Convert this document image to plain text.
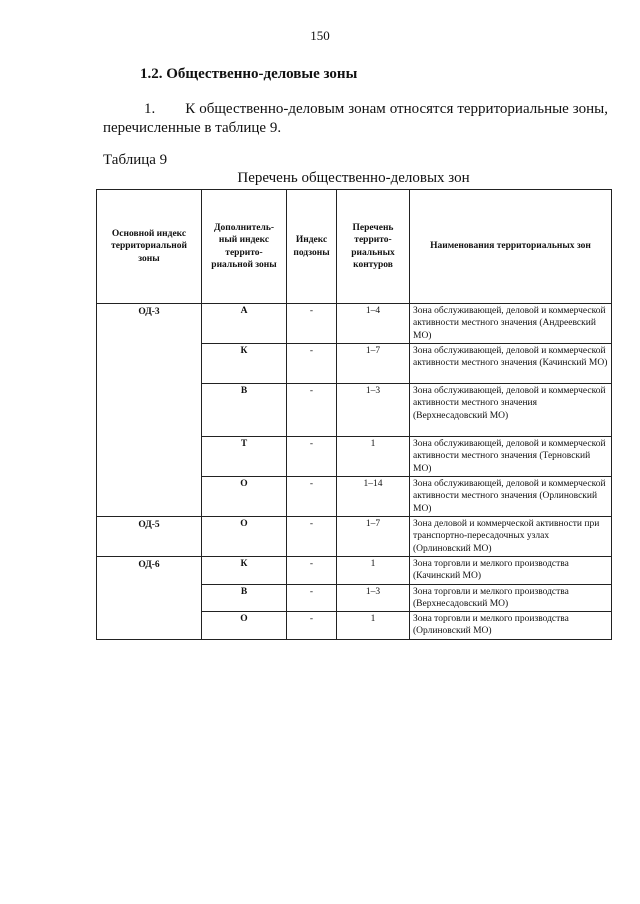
150
1.2. Общественно-деловые зоны
1. К общественно-деловым зонам относятся территориальные зоны, перечисленные в таблице 9.
Таблица 9
Перечень общественно-деловых зон
Основной индекс территориальной зоны	Дополнитель-ный индекс террито-риальной зоны	Индекс подзоны	Перечень террито-риальных контуров	Наименования территориальных зон
ОД-3	А	-	1–4	Зона обслуживающей, деловой и коммерческой активности местного значения (Андреевский МО)
	К	-	1–7	Зона обслуживающей, деловой и коммерческой активности местного значения (Качинский МО)
	В	-	1–3	Зона обслуживающей, деловой и коммерческой активности местного значения (Верхнесадовский МО)
	Т	-	1	Зона обслуживающей, деловой и коммерческой активности местного значения (Терновский МО)
	О	-	1–14	Зона обслуживающей, деловой и коммерческой активности местного значения (Орлиновский МО)
ОД-5	О	-	1–7	Зона деловой и коммерческой активности при транспортно-пересадочных узлах (Орлиновский МО)
ОД-6	К	-	1	Зона торговли и мелкого производства (Качинский МО)
	В	-	1–3	Зона торговли и мелкого производства (Верхнесадовский МО)
	О	-	1	Зона торговли и мелкого производства (Орлиновский МО)
